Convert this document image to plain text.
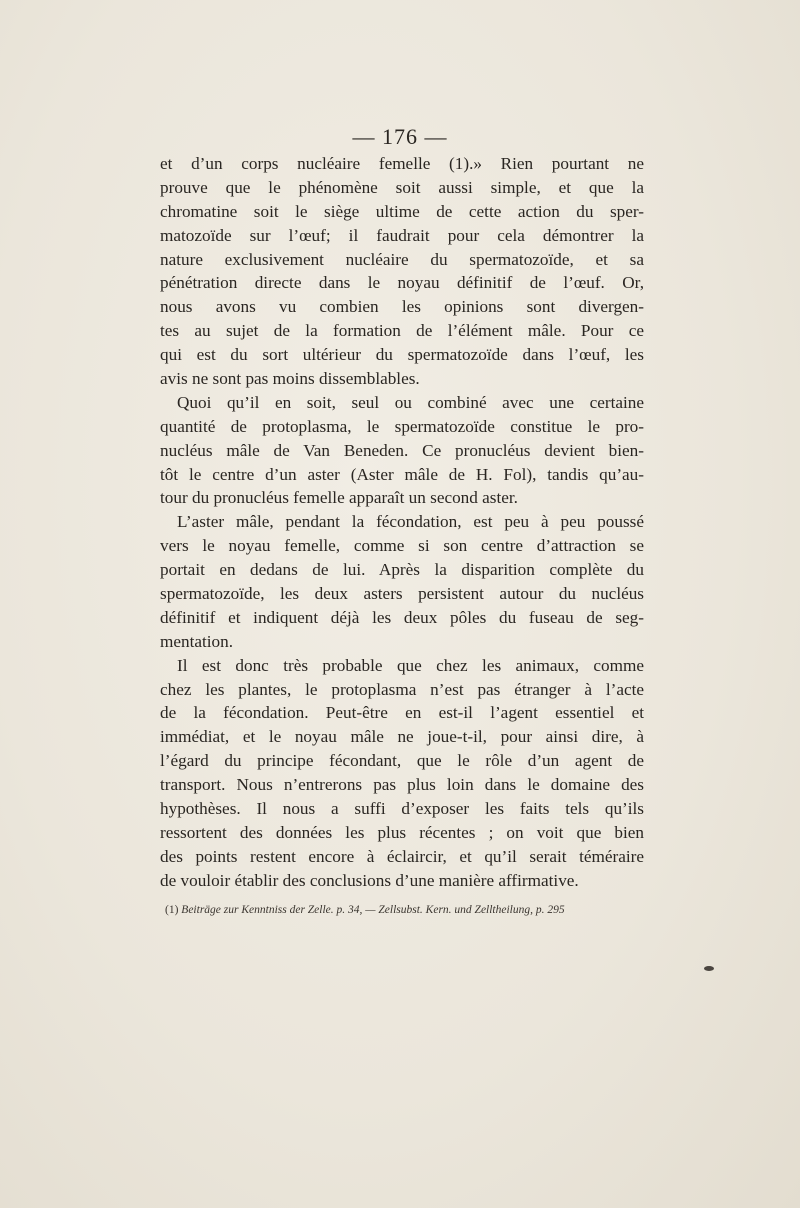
— 176 —
et d’un corps nucléaire femelle (1).» Rien pourtant ne
prouve que le phénomène soit aussi simple, et que la
chromatine soit le siège ultime de cette action du sper-
matozoïde sur l’œuf; il faudrait pour cela démontrer la
nature exclusivement nucléaire du spermatozoïde, et sa
pénétration directe dans le noyau définitif de l’œuf. Or,
nous avons vu combien les opinions sont divergen-
tes au sujet de la formation de l’élément mâle. Pour ce
qui est du sort ultérieur du spermatozoïde dans l’œuf, les
avis ne sont pas moins dissemblables.
Quoi qu’il en soit, seul ou combiné avec une certaine
quantité de protoplasma, le spermatozoïde constitue le pro-
nucléus mâle de Van Beneden. Ce pronucléus devient bien-
tôt le centre d’un aster (Aster mâle de H. Fol), tandis qu’au-
tour du pronucléus femelle apparaît un second aster.
L’aster mâle, pendant la fécondation, est peu à peu poussé
vers le noyau femelle, comme si son centre d’attraction se
portait en dedans de lui. Après la disparition complète du
spermatozoïde, les deux asters persistent autour du nucléus
définitif et indiquent déjà les deux pôles du fuseau de seg-
mentation.
Il est donc très probable que chez les animaux, comme
chez les plantes, le protoplasma n’est pas étranger à l’acte
de la fécondation. Peut-être en est-il l’agent essentiel et
immédiat, et le noyau mâle ne joue-t-il, pour ainsi dire, à
l’égard du principe fécondant, que le rôle d’un agent de
transport. Nous n’entrerons pas plus loin dans le domaine des
hypothèses. Il nous a suffi d’exposer les faits tels qu’ils
ressortent des données les plus récentes ; on voit que bien
des points restent encore à éclaircir, et qu’il serait téméraire
de vouloir établir des conclusions d’une manière affirmative.
(1) Beiträge zur Kenntniss der Zelle. p. 34, — Zellsubst. Kern. und Zelltheilung, p. 295
